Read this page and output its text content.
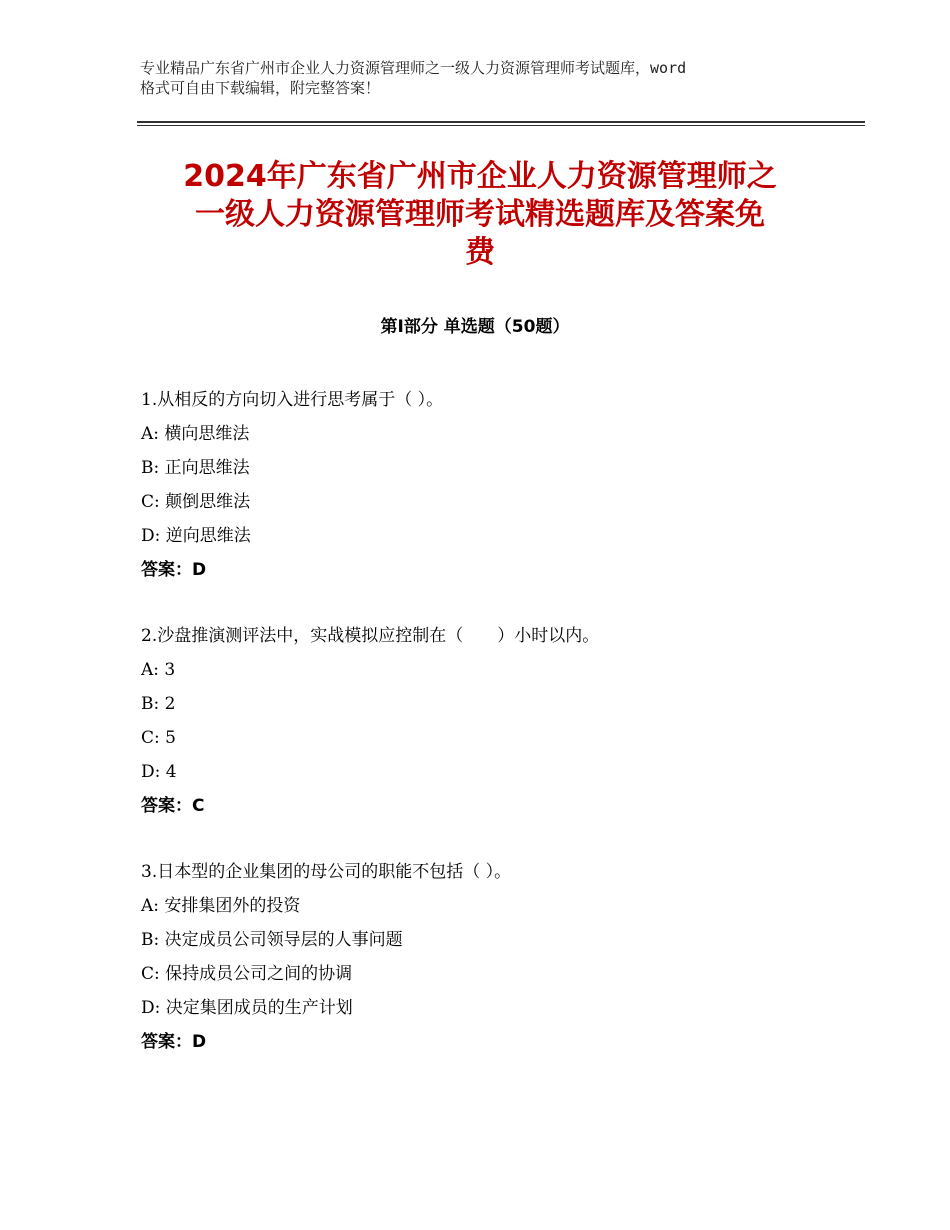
专业精品广东省广州市企业人力资源管理师之一级人力资源管理师考试题库，word
格式可自由下载编辑，附完整答案！
2024年广东省广州市企业人力资源管理师之
一级人力资源管理师考试精选题库及答案免
费
第Ⅰ部分 单选题（50题）
1.从相反的方向切入进行思考属于（ ）。
A: 横向思维法
B: 正向思维法
C: 颠倒思维法
D: 逆向思维法
答案：D
2.沙盘推演测评法中，实战模拟应控制在（　　）小时以内。
A: 3
B: 2
C: 5
D: 4
答案：C
3.日本型的企业集团的母公司的职能不包括（ ）。
A: 安排集团外的投资
B: 决定成员公司领导层的人事问题
C: 保持成员公司之间的协调
D: 决定集团成员的生产计划
答案：D
